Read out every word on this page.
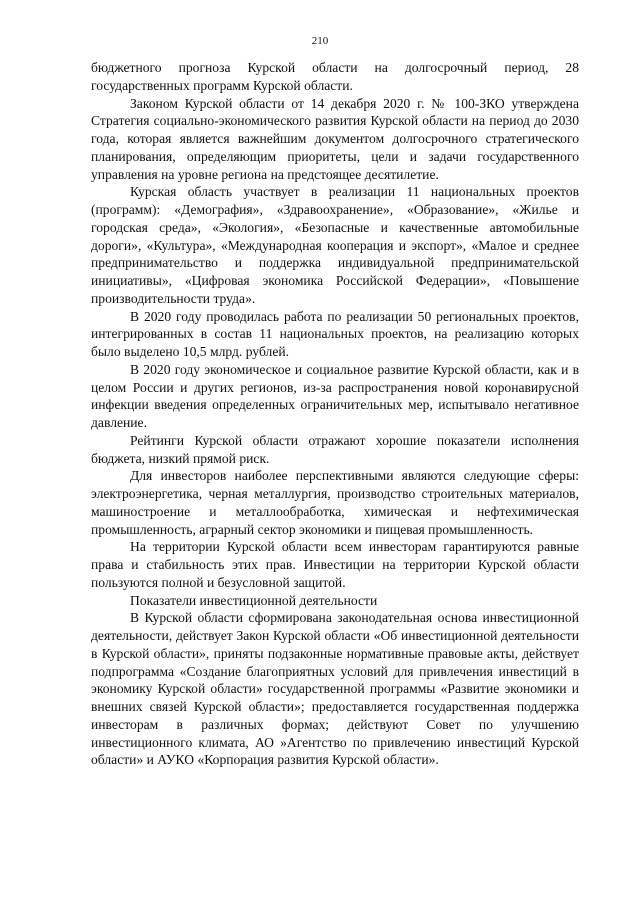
210

бюджетного прогноза Курской области на долгосрочный период, 28 государственных программ Курской области.

Законом Курской области от 14 декабря 2020 г. № 100-ЗКО утверждена Стратегия социально-экономического развития Курской области на период до 2030 года, которая является важнейшим документом долгосрочного стратегического планирования, определяющим приоритеты, цели и задачи государственного управления на уровне региона на предстоящее десятилетие.

Курская область участвует в реализации 11 национальных проектов (программ): «Демография», «Здравоохранение», «Образование», «Жилье и городская среда», «Экология», «Безопасные и качественные автомобильные дороги», «Культура», «Международная кооперация и экспорт», «Малое и среднее предпринимательство и поддержка индивидуальной предпринимательской инициативы», «Цифровая экономика Российской Федерации», «Повышение производительности труда».

В 2020 году проводилась работа по реализации 50 региональных проектов, интегрированных в состав 11 национальных проектов, на реализацию которых было выделено 10,5 млрд. рублей.

В 2020 году экономическое и социальное развитие Курской области, как и в целом России и других регионов, из-за распространения новой коронавирусной инфекции введения определенных ограничительных мер, испытывало негативное давление.

Рейтинги Курской области отражают хорошие показатели исполнения бюджета, низкий прямой риск.

Для инвесторов наиболее перспективными являются следующие сферы: электроэнергетика, черная металлургия, производство строительных материалов, машиностроение и металлообработка, химическая и нефтехимическая промышленность, аграрный сектор экономики и пищевая промышленность.

На территории Курской области всем инвесторам гарантируются равные права и стабильность этих прав. Инвестиции на территории Курской области пользуются полной и безусловной защитой.

Показатели инвестиционной деятельности

В Курской области сформирована законодательная основа инвестиционной деятельности, действует Закон Курской области «Об инвестиционной деятельности в Курской области», приняты подзаконные нормативные правовые акты, действует подпрограмма «Создание благоприятных условий для привлечения инвестиций в экономику Курской области» государственной программы «Развитие экономики и внешних связей Курской области»; предоставляется государственная поддержка инвесторам в различных формах; действуют Совет по улучшению инвестиционного климата, АО »Агентство по привлечению инвестиций Курской области» и АУКО «Корпорация развития Курской области».
